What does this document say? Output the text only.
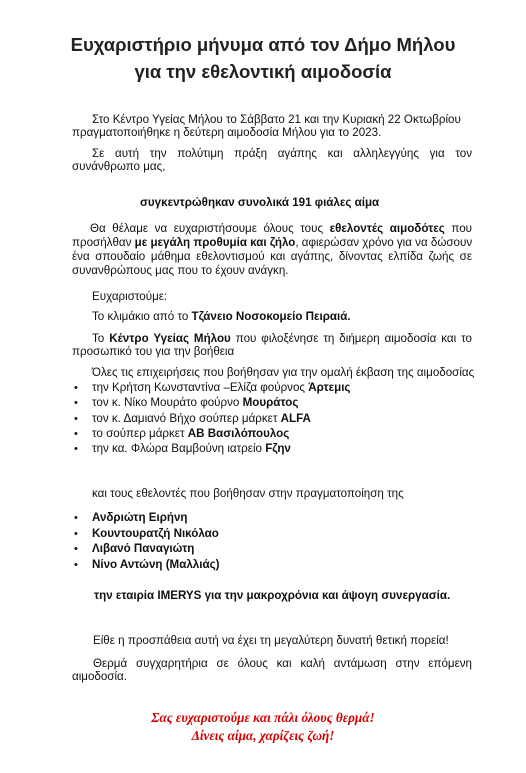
Ευχαριστήριο μήνυμα από τον Δήμο Μήλου
για την εθελοντική αιμοδοσία
Στο Κέντρο Υγείας Μήλου το Σάββατο 21 και την Κυριακή 22 Οκτωβρίου
πραγματοποιήθηκε η δεύτερη αιμοδοσία Μήλου για το 2023.
Σε αυτή την πολύτιμη πράξη αγάπης και αλληλεγγύης για τον
συνάνθρωπο μας,
συγκεντρώθηκαν συνολικά 191 φιάλες αίμα
Θα θέλαμε να ευχαριστήσουμε όλους τους εθελοντές αιμοδότες που
προσήλθαν με μεγάλη προθυμία και ζήλο, αφιερώσαν χρόνο για να δώσουν
ένα σπουδαίο μάθημα εθελοντισμού και αγάπης, δίνοντας ελπίδα ζωής σε
συνανθρώπους μας που το έχουν ανάγκη.
Ευχαριστούμε:
Το κλιμάκιο από το Τζάνειο Νοσοκομείο Πειραιά.
Το Κέντρο Υγείας Μήλου που φιλοξένησε τη διήμερη αιμοδοσία και το
προσωπικό του για την βοήθεια
Όλες τις επιχειρήσεις που βοήθησαν για την ομαλή έκβαση της αιμοδοσίας
• την Κρήτση Κωνσταντίνα –Ελίζα φούρνος Άρτεμις
• τον κ. Νίκο Μουράτο φούρνο Μουράτος
• τον κ. Δαμιανό Βήχο σούπερ μάρκετ ALFA
• το σούπερ μάρκετ ΑΒ Βασιλόπουλος
• την κα. Φλώρα Βαμβούνη ιατρείο Fζην
και τους εθελοντές που βοήθησαν στην πραγματοποίηση της
• Ανδριώτη Ειρήνη
• Κουντουρατζή Νικόλαο
• Λιβανό Παναγιώτη
• Νίνο Αντώνη (Μαλλιάς)
την εταιρία IMERYS για την μακροχρόνια και άψογη συνεργασία.
Είθε η προσπάθεια αυτή να έχει τη μεγαλύτερη δυνατή θετική πορεία!
Θερμά συγχαρητήρια σε όλους και καλή αντάμωση στην επόμενη
αιμοδοσία.
Σας ευχαριστούμε και πάλι όλους θερμά!
Δίνεις αίμα, χαρίζεις ζωή!
